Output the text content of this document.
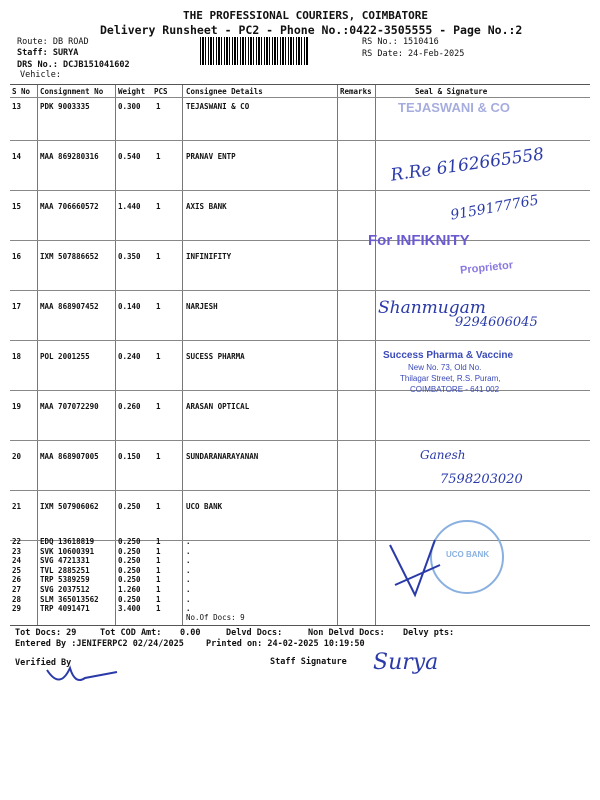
THE PROFESSIONAL COURIERS, COIMBATORE
Delivery Runsheet - PC2 - Phone No.:0422-3505555 - Page No.:2
Route: DB ROAD
Staff: SURYA
DRS No.: DCJB151041602
Vehicle:
RS No.: 1510416
RS Date: 24-Feb-2025
S No Consignment No Weight PCS Consignee Details	Remarks	Seal & Signature
13	PDK 9003335	0.300 1	TEJASWANI & CO
14	MAA 869280316	0.540 1	PRANAV ENTP
15	MAA 706660572	1.440 1	AXIS BANK
16	IXM 507886652	0.350 1	INFINIFITY
17	MAA 868907452	0.140 1	NARJESH
18	POL 2001255	0.240 1	SUCESS PHARMA
19	MAA 707072290	0.260 1	ARASAN OPTICAL
20	MAA 868907005	0.150 1	SUNDARANARAYANAN
21	IXM 507906062	0.250 1	UCO BANK
22	EDQ 13618819	0.250 1	.
23	SVK 10600391	0.250 1	.
24	SVG 4721331	0.250 1	.
25	TVL 2885251	0.250 1	.
26	TRP 5389259	0.250 1	.
27	SVG 2037512	1.260 1	.
28	SLM 365013562	0.250 1	.
29	TRP 4091471	3.400 1	.
No.Of Docs: 9
TEJASWANI & CO
R.Re 6162665558
9159177765
For INFIKNITY
Proprietor
Shanmugam
9294606045
Success Pharma & Vaccine
New No. 73, Old No.
Thilagar Street, R.S. Puram,
COIMBATORE - 641 002
Ganesh
7598203020
UCO BANK
Tot Docs: 29	Tot COD Amt: 0.00	Delvd Docs:	Non Delvd Docs: Delvy pts:
Entered By :JENIFERPC2 02/24/2025	Printed on: 24-02-2025 10:19:50
Verified By	Staff Signature Surya
